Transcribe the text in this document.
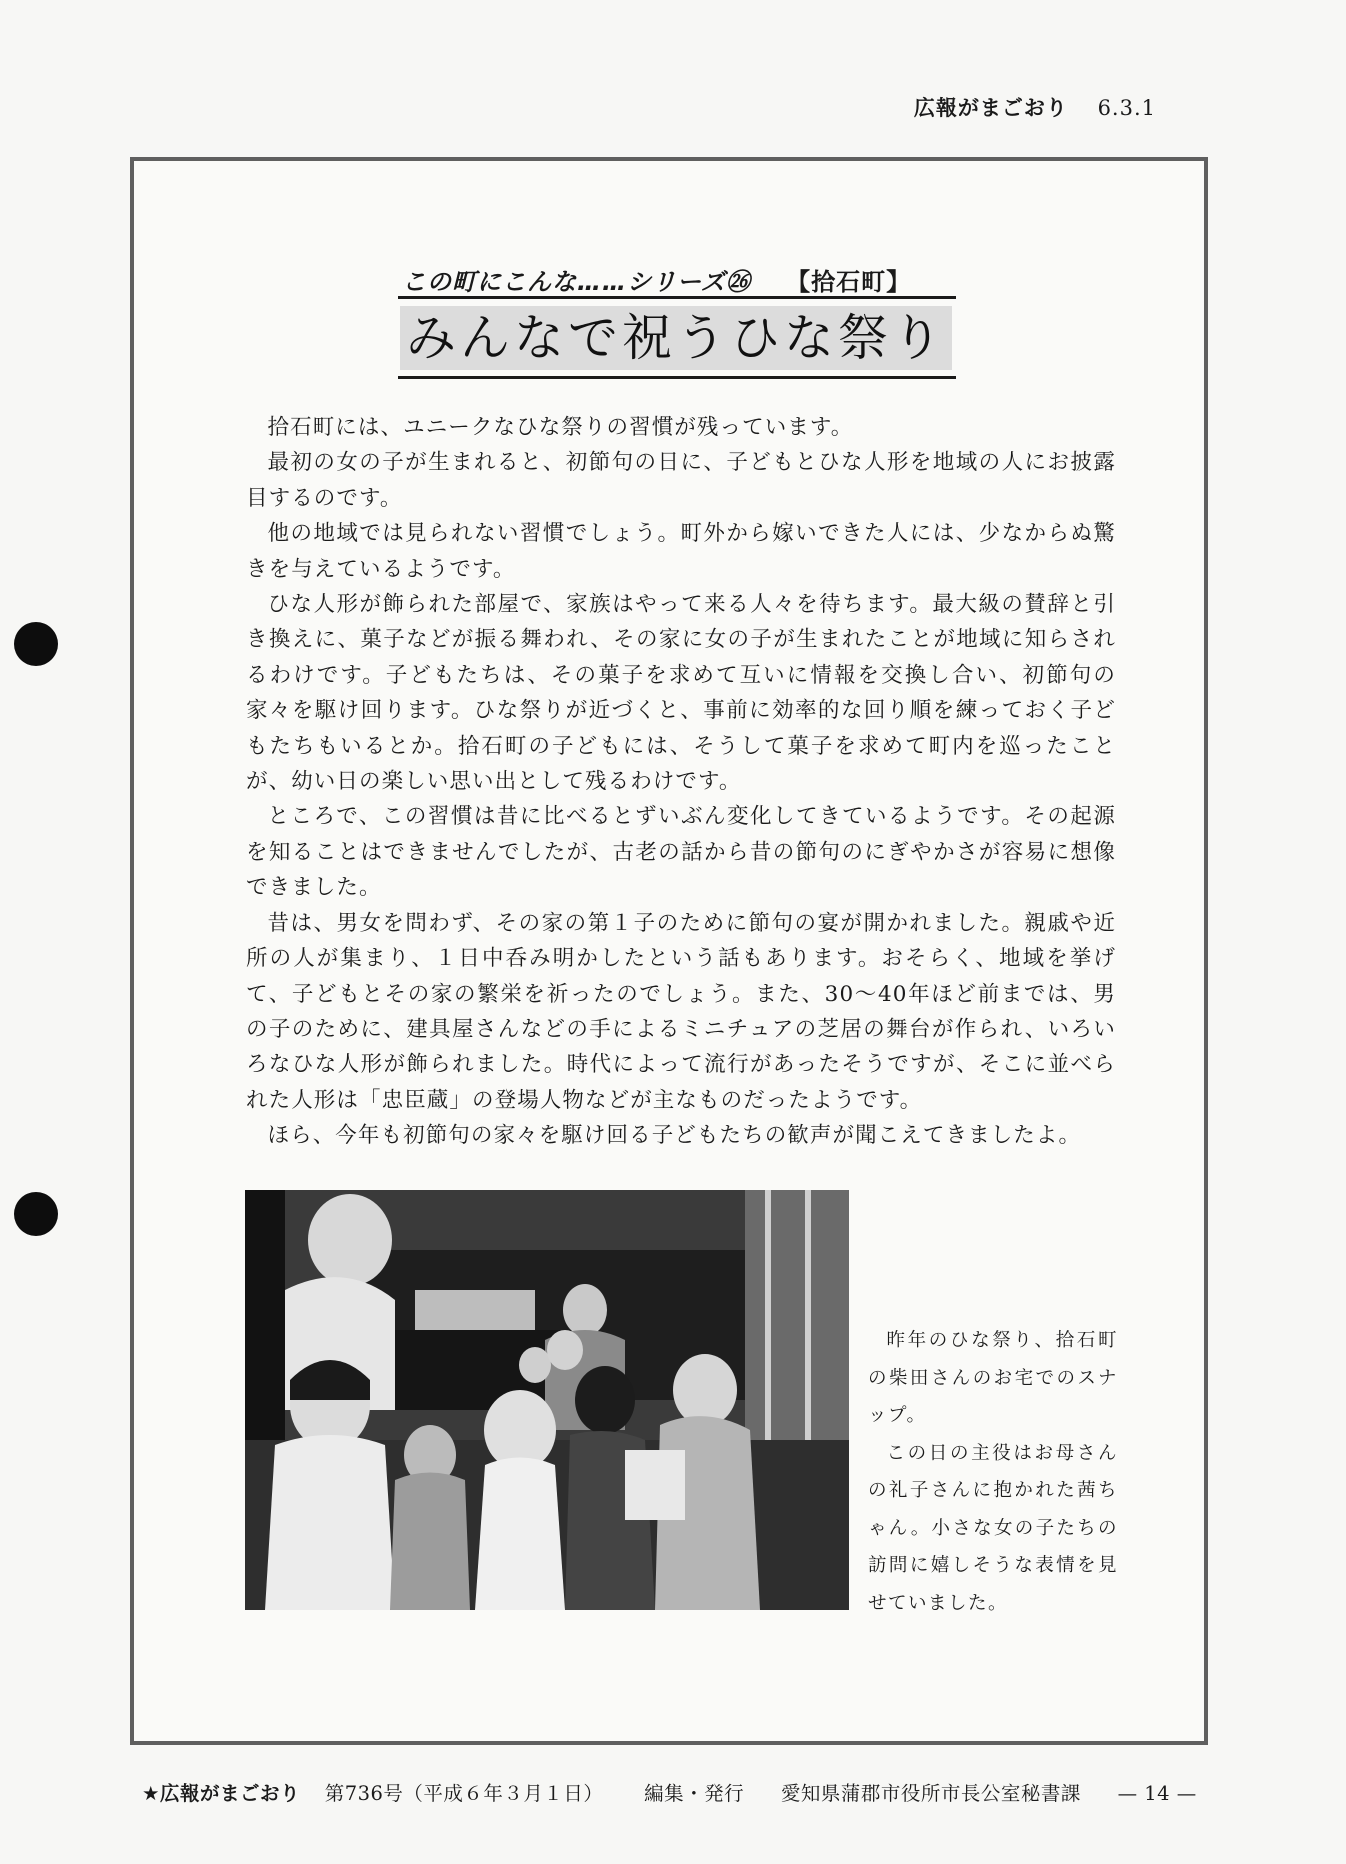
広報がまごおり 6.3.1
この町にこんな……シリーズ㉖ 【拾石町】
みんなで祝うひな祭り

拾石町には、ユニークなひな祭りの習慣が残っています。

最初の女の子が生まれると、初節句の日に、子どもとひな人形を地域の人にお披露目するのです。

他の地域では見られない習慣でしょう。町外から嫁いできた人には、少なからぬ驚きを与えているようです。

ひな人形が飾られた部屋で、家族はやって来る人々を待ちます。最大級の賛辞と引き換えに、菓子などが振る舞われ、その家に女の子が生まれたことが地域に知らされるわけです。子どもたちは、その菓子を求めて互いに情報を交換し合い、初節句の家々を駆け回ります。ひな祭りが近づくと、事前に効率的な回り順を練っておく子どもたちもいるとか。拾石町の子どもには、そうして菓子を求めて町内を巡ったことが、幼い日の楽しい思い出として残るわけです。

ところで、この習慣は昔に比べるとずいぶん変化してきているようです。その起源を知ることはできませんでしたが、古老の話から昔の節句のにぎやかさが容易に想像できました。

昔は、男女を問わず、その家の第１子のために節句の宴が開かれました。親戚や近所の人が集まり、１日中呑み明かしたという話もあります。おそらく、地域を挙げて、子どもとその家の繁栄を祈ったのでしょう。また、30～40年ほど前までは、男の子のために、建具屋さんなどの手によるミニチュアの芝居の舞台が作られ、いろいろなひな人形が飾られました。時代によって流行があったそうですが、そこに並べられた人形は「忠臣蔵」の登場人物などが主なものだったようです。

ほら、今年も初節句の家々を駆け回る子どもたちの歓声が聞こえてきましたよ。

昨年のひな祭り、拾石町の柴田さんのお宅でのスナップ。

この日の主役はお母さんの礼子さんに抱かれた茜ちゃん。小さな女の子たちの訪問に嬉しそうな表情を見せていました。

★広報がまごおり 第736号（平成６年３月１日） 編集・発行 愛知県蒲郡市役所市長公室秘書課 — 14 —
